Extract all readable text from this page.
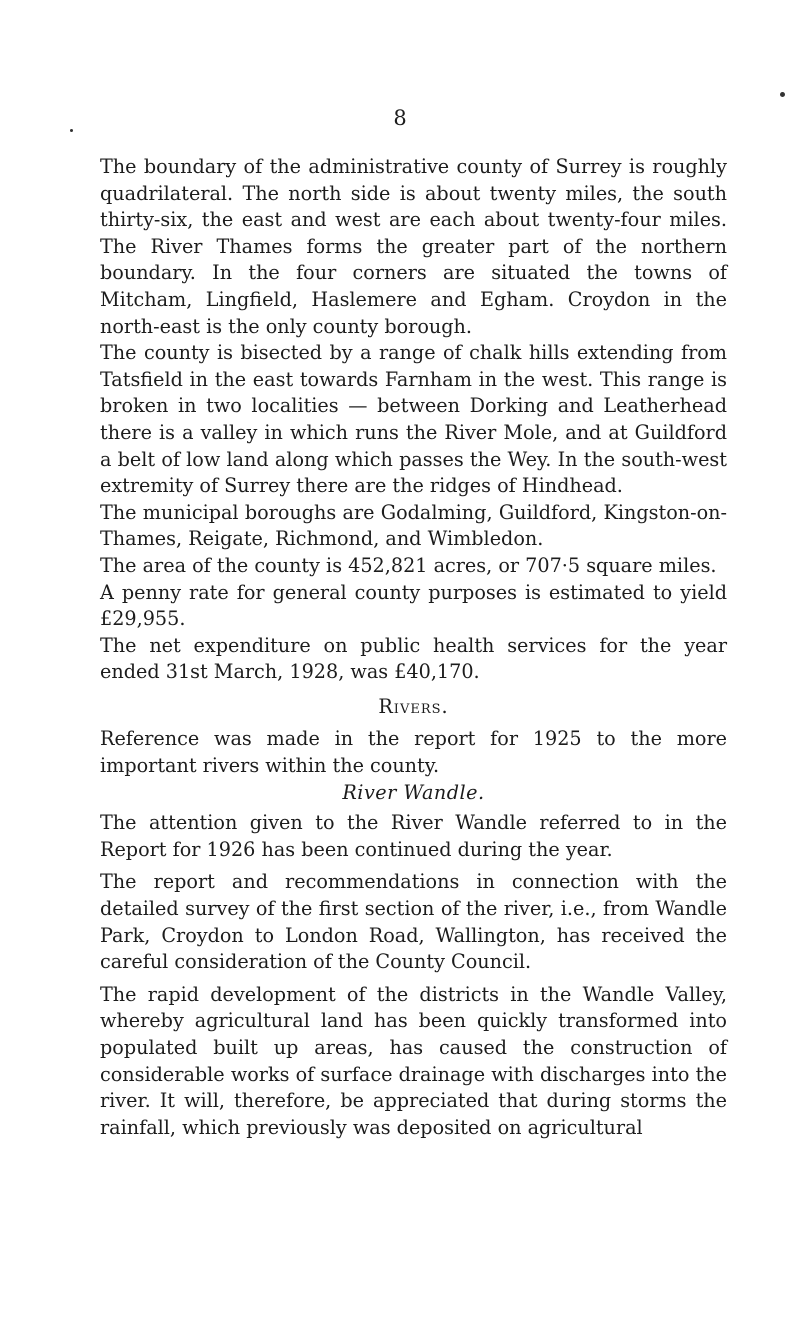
8

The boundary of the administrative county of Surrey is roughly quadrilateral. The north side is about twenty miles, the south thirty-six, the east and west are each about twenty-four miles. The River Thames forms the greater part of the northern boundary. In the four corners are situated the towns of Mitcham, Lingfield, Haslemere and Egham. Croydon in the north-east is the only county borough.

The county is bisected by a range of chalk hills extending from Tatsfield in the east towards Farnham in the west. This range is broken in two localities — between Dorking and Leatherhead there is a valley in which runs the River Mole, and at Guildford a belt of low land along which passes the Wey. In the south-west extremity of Surrey there are the ridges of Hindhead.

The municipal boroughs are Godalming, Guildford, Kingston-on-Thames, Reigate, Richmond, and Wimbledon.

The area of the county is 452,821 acres, or 707·5 square miles.

A penny rate for general county purposes is estimated to yield £29,955.

The net expenditure on public health services for the year ended 31st March, 1928, was £40,170.

Rivers.

Reference was made in the report for 1925 to the more important rivers within the county.

River Wandle.

The attention given to the River Wandle referred to in the Report for 1926 has been continued during the year.

The report and recommendations in connection with the detailed survey of the first section of the river, i.e., from Wandle Park, Croydon to London Road, Wallington, has received the careful consideration of the County Council.

The rapid development of the districts in the Wandle Valley, whereby agricultural land has been quickly transformed into populated built up areas, has caused the construction of considerable works of surface drainage with discharges into the river. It will, therefore, be appreciated that during storms the rainfall, which previously was deposited on agricultural
